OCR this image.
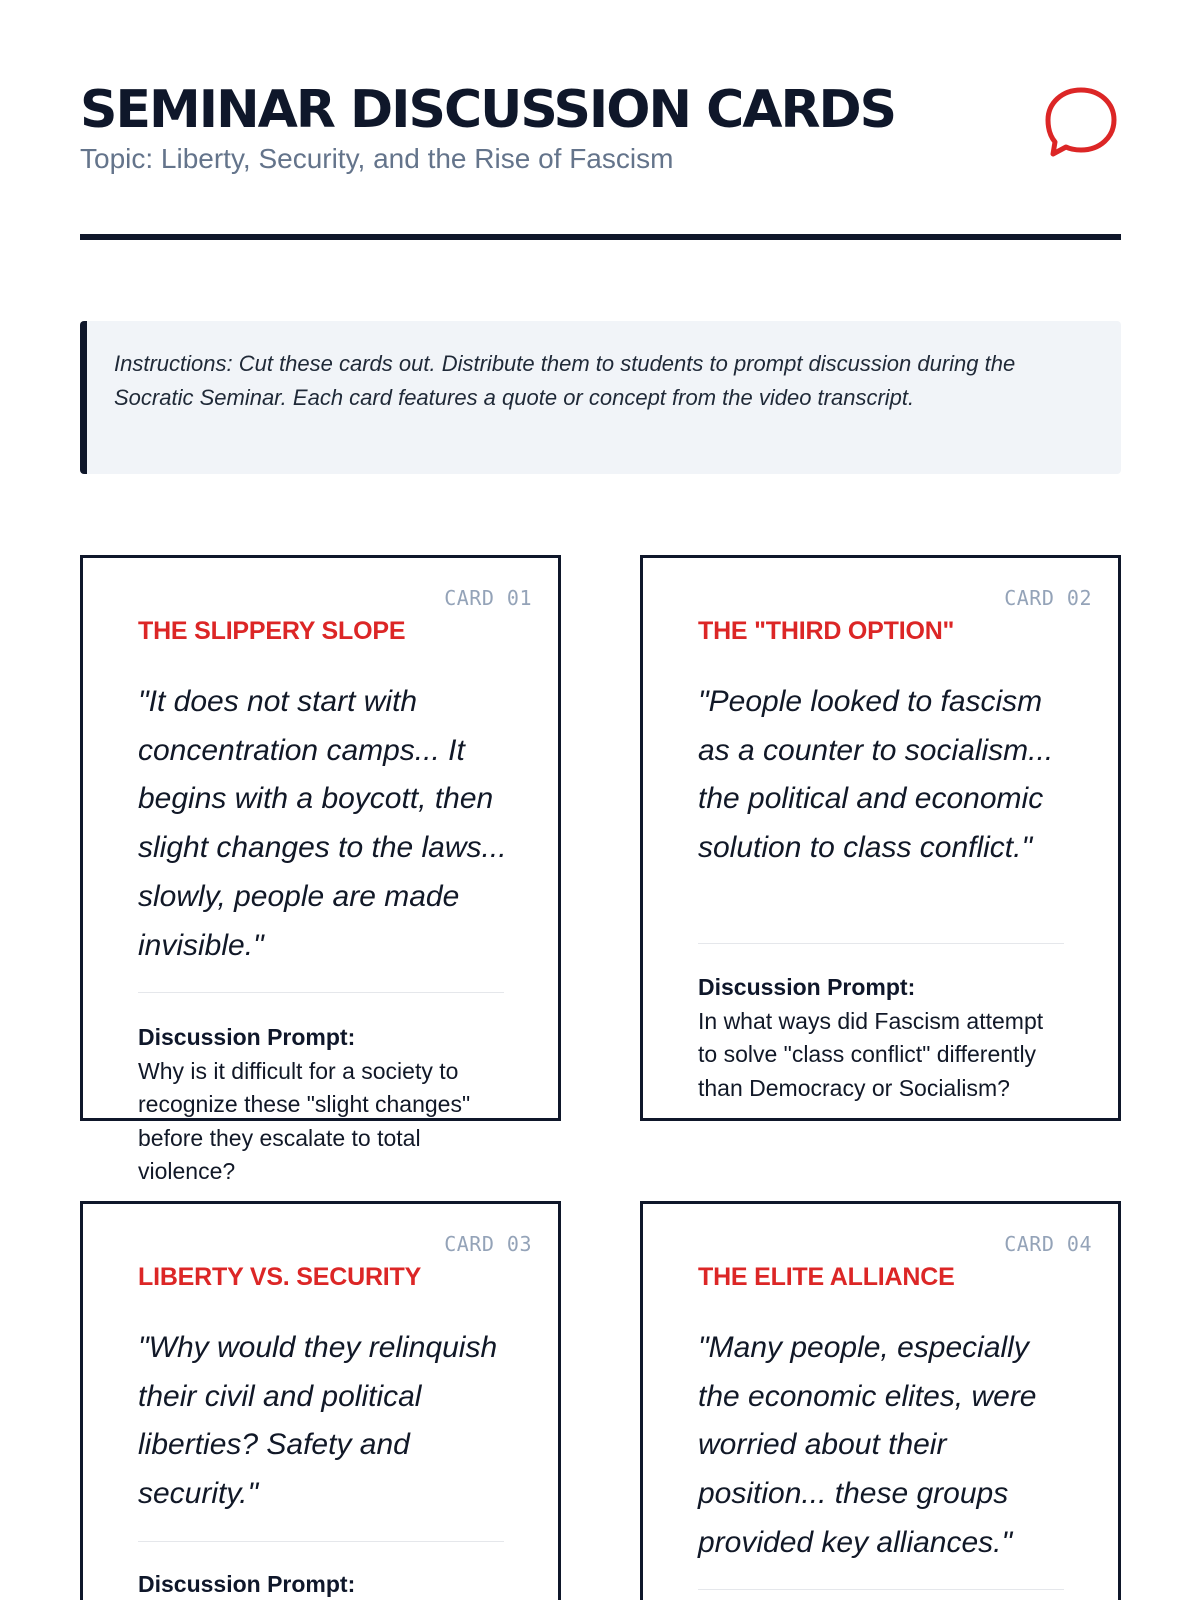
SEMINAR DISCUSSION CARDS
Topic: Liberty, Security, and the Rise of Fascism
Instructions: Cut these cards out. Distribute them to students to prompt discussion during the Socratic Seminar. Each card features a quote or concept from the video transcript.
CARD 01
THE SLIPPERY SLOPE
"It does not start with concentration camps... It begins with a boycott, then slight changes to the laws... slowly, people are made invisible."
Discussion Prompt:
Why is it difficult for a society to recognize these "slight changes" before they escalate to total violence?
CARD 02
THE "THIRD OPTION"
"People looked to fascism as a counter to socialism... the political and economic solution to class conflict."
Discussion Prompt:
In what ways did Fascism attempt to solve "class conflict" differently than Democracy or Socialism?
CARD 03
LIBERTY VS. SECURITY
"Why would they relinquish their civil and political liberties? Safety and security."
Discussion Prompt:
CARD 04
THE ELITE ALLIANCE
"Many people, especially the economic elites, were worried about their position... these groups provided key alliances."
